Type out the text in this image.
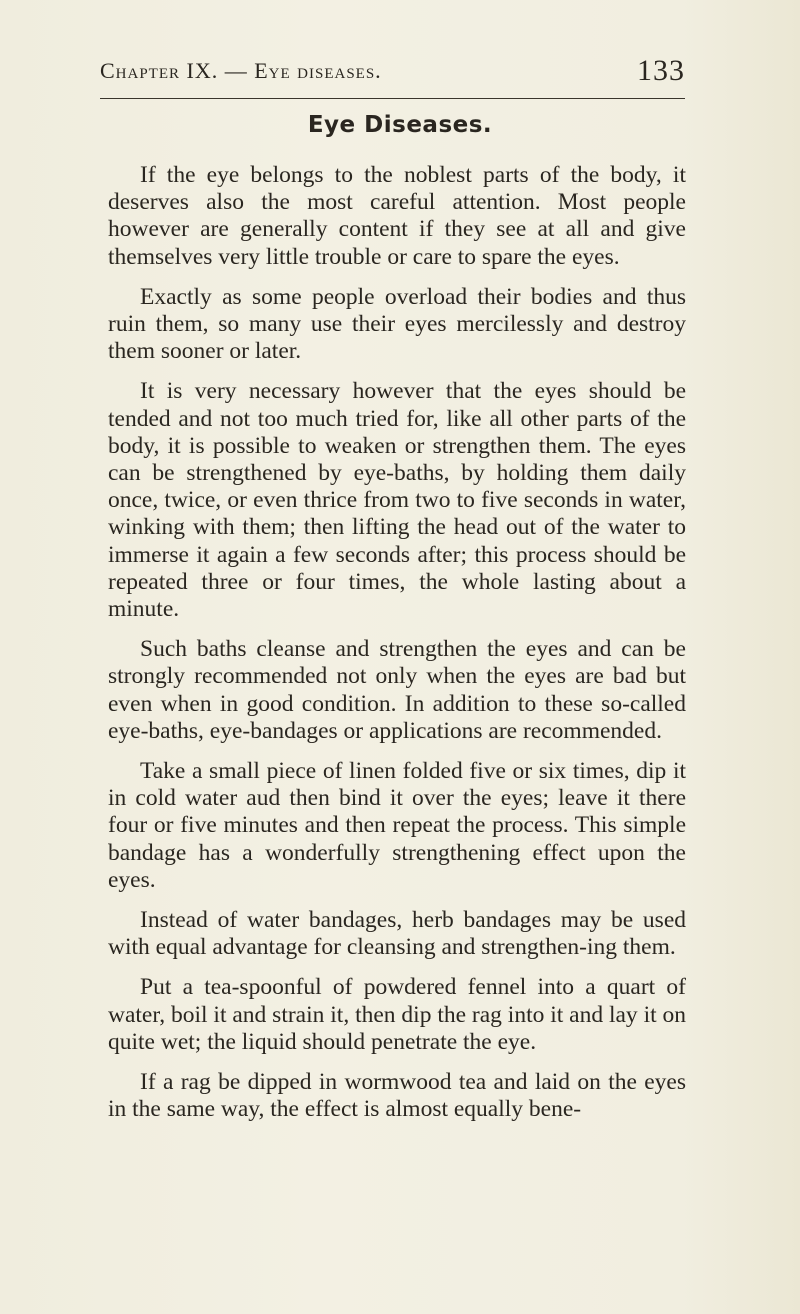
Chapter IX. — Eye diseases.	133
Eye Diseases.

If the eye belongs to the noblest parts of the body, it deserves also the most careful attention. Most people however are generally content if they see at all and give themselves very little trouble or care to spare the eyes.

Exactly as some people overload their bodies and thus ruin them, so many use their eyes mercilessly and destroy them sooner or later.

It is very necessary however that the eyes should be tended and not too much tried for, like all other parts of the body, it is possible to weaken or strengthen them. The eyes can be strengthened by eye-baths, by holding them daily once, twice, or even thrice from two to five seconds in water, winking with them; then lifting the head out of the water to immerse it again a few seconds after; this process should be repeated three or four times, the whole lasting about a minute.

Such baths cleanse and strengthen the eyes and can be strongly recommended not only when the eyes are bad but even when in good condition. In addition to these so-called eye-baths, eye-bandages or applications are recommended.

Take a small piece of linen folded five or six times, dip it in cold water aud then bind it over the eyes; leave it there four or five minutes and then repeat the process. This simple bandage has a wonderfully strengthening effect upon the eyes.

Instead of water bandages, herb bandages may be used with equal advantage for cleansing and strengthen-ing them.

Put a tea-spoonful of powdered fennel into a quart of water, boil it and strain it, then dip the rag into it and lay it on quite wet; the liquid should penetrate the eye.

If a rag be dipped in wormwood tea and laid on the eyes in the same way, the effect is almost equally bene-
